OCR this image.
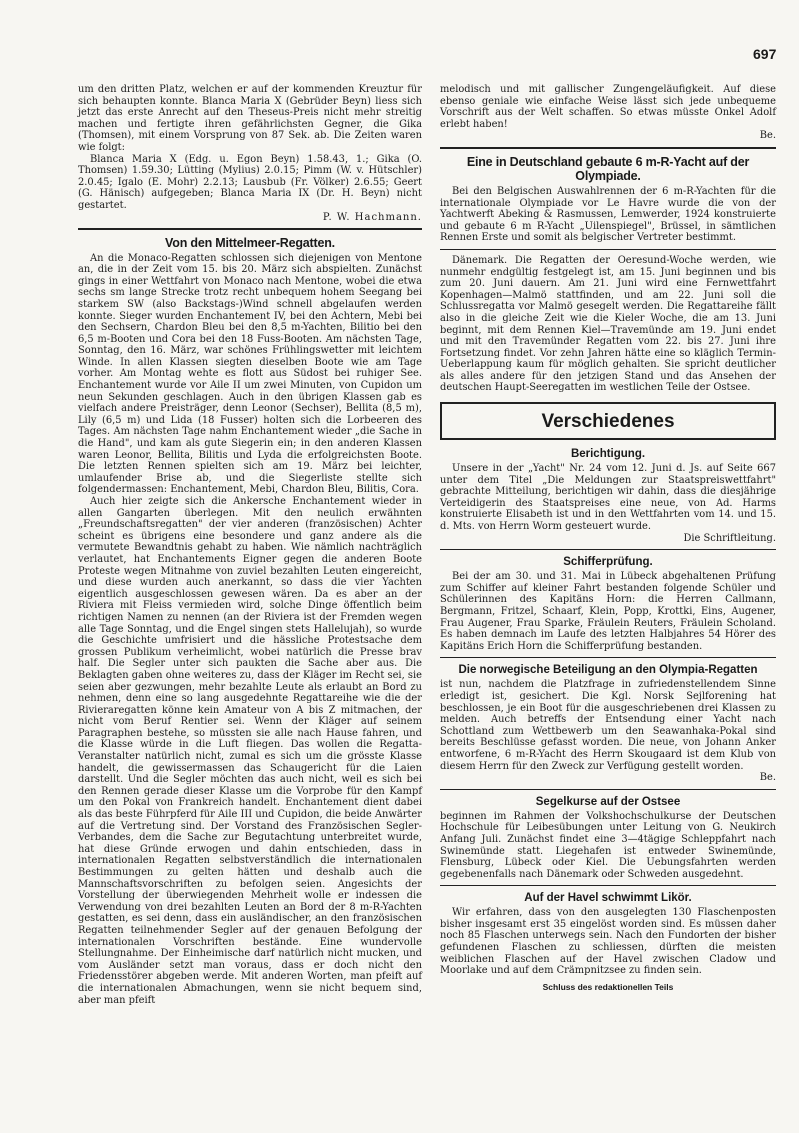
697

um den dritten Platz, welchen er auf der kommenden Kreuztur für sich behaupten konnte. Blanca Maria X (Gebrüder Beyn) liess sich jetzt das erste Anrecht auf den Theseus-Preis nicht mehr streitig machen und fertigte ihren gefährlichsten Gegner, die Gika (Thomsen), mit einem Vorsprung von 87 Sek. ab. Die Zeiten waren wie folgt:

Blanca Maria X (Edg. u. Egon Beyn) 1.58.43, 1.; Gika (O. Thomsen) 1.59.30; Lütting (Mylius) 2.0.15; Pimm (W. v. Hütschler) 2.0.45; Igalo (E. Mohr) 2.2.13; Lausbub (Fr. Völker) 2.6.55; Geert (G. Hänisch) aufgegeben; Blanca Maria IX (Dr. H. Beyn) nicht gestartet.

P. W. Hachmann.
Von den Mittelmeer-Regatten.

An die Monaco-Regatten schlossen sich diejenigen von Mentone an, die in der Zeit vom 15. bis 20. März sich abspielten. Zunächst gings in einer Wettfahrt von Monaco nach Mentone, wobei die etwa sechs sm lange Strecke trotz recht unbequem hohem Seegang bei starkem SW (also Backstags-)Wind schnell abgelaufen werden konnte. Sieger wurden Enchantement IV, bei den Achtern, Mebi bei den Sechsern, Chardon Bleu bei den 8,5 m-Yachten, Bilitio bei den 6,5 m-Booten und Cora bei den 18 Fuss-Booten. Am nächsten Tage, Sonntag, den 16. März, war schönes Frühlingswetter mit leichtem Winde. In allen Klassen siegten dieselben Boote wie am Tage vorher. Am Montag wehte es flott aus Südost bei ruhiger See. Enchantement wurde vor Aile II um zwei Minuten, von Cupidon um neun Sekunden geschlagen. Auch in den übrigen Klassen gab es vielfach andere Preisträger, denn Leonor (Sechser), Bellita (8,5 m), Lily (6,5 m) und Lida (18 Fusser) holten sich die Lorbeeren des Tages. Am nächsten Tage nahm Enchantement wieder „die Sache in die Hand", und kam als gute Siegerin ein; in den anderen Klassen waren Leonor, Bellita, Bilitis und Lyda die erfolgreichsten Boote. Die letzten Rennen spielten sich am 19. März bei leichter, umlaufender Brise ab, und die Siegerliste stellte sich folgendermassen: Enchantement, Mebi, Chardon Bleu, Bilitis, Cora.

Auch hier zeigte sich die Ankersche Enchantement wieder in allen Gangarten überlegen. Mit den neulich erwähnten „Freundschaftsregatten" der vier anderen (französischen) Achter scheint es übrigens eine besondere und ganz andere als die vermutete Bewandtnis gehabt zu haben. Wie nämlich nachträglich verlautet, hat Enchantements Eigner gegen die anderen Boote Proteste wegen Mitnahme von zuviel bezahlten Leuten eingereicht, und diese wurden auch anerkannt, so dass die vier Yachten eigentlich ausgeschlossen gewesen wären. Da es aber an der Riviera mit Fleiss vermieden wird, solche Dinge öffentlich beim richtigen Namen zu nennen (an der Riviera ist der Fremden wegen alle Tage Sonntag, und die Engel singen stets Hallelujah), so wurde die Geschichte umfrisiert und die hässliche Protestsache dem grossen Publikum verheimlicht, wobei natürlich die Presse brav half. Die Segler unter sich paukten die Sache aber aus. Die Beklagten gaben ohne weiteres zu, dass der Kläger im Recht sei, sie seien aber gezwungen, mehr bezahlte Leute als erlaubt an Bord zu nehmen, denn eine so lang ausgedehnte Regattareihe wie die der Rivieraregatten könne kein Amateur von A bis Z mitmachen, der nicht vom Beruf Rentier sei. Wenn der Kläger auf seinem Paragraphen bestehe, so müssten sie alle nach Hause fahren, und die Klasse würde in die Luft fliegen. Das wollen die Regatta-Veranstalter natürlich nicht, zumal es sich um die grösste Klasse handelt, die gewissermassen das Schaugericht für die Laien darstellt. Und die Segler möchten das auch nicht, weil es sich bei den Rennen gerade dieser Klasse um die Vorprobe für den Kampf um den Pokal von Frankreich handelt. Enchantement dient dabei als das beste Führpferd für Aile III und Cupidon, die beide Anwärter auf die Vertretung sind. Der Vorstand des Französischen Segler-Verbandes, dem die Sache zur Begutachtung unterbreitet wurde, hat diese Gründe erwogen und dahin entschieden, dass in internationalen Regatten selbstverständlich die internationalen Bestimmungen zu gelten hätten und deshalb auch die Mannschaftsvorschriften zu befolgen seien. Angesichts der Vorstellung der überwiegenden Mehrheit wolle er indessen die Verwendung von drei bezahlten Leuten an Bord der 8 m-R-Yachten gestatten, es sei denn, dass ein ausländischer, an den französischen Regatten teilnehmender Segler auf der genauen Befolgung der internationalen Vorschriften bestände. Eine wundervolle Stellungnahme. Der Einheimische darf natürlich nicht mucken, und vom Ausländer setzt man voraus, dass er doch nicht den Friedensstörer abgeben werde. Mit anderen Worten, man pfeift auf die internationalen Abmachungen, wenn sie nicht bequem sind, aber man pfeift

melodisch und mit gallischer Zungengeläufigkeit. Auf diese ebenso geniale wie einfache Weise lässt sich jede unbequeme Vorschrift aus der Welt schaffen. So etwas müsste Onkel Adolf erlebt haben!

Be.
Eine in Deutschland gebaute 6 m-R-Yacht auf der Olympiade.

Bei den Belgischen Auswahlrennen der 6 m-R-Yachten für die internationale Olympiade vor Le Havre wurde die von der Yachtwerft Abeking & Rasmussen, Lemwerder, 1924 konstruierte und gebaute 6 m R-Yacht „Uilenspiegel", Brüssel, in sämtlichen Rennen Erste und somit als belgischer Vertreter bestimmt.

Dänemark. Die Regatten der Oeresund-Woche werden, wie nunmehr endgültig festgelegt ist, am 15. Juni beginnen und bis zum 20. Juni dauern. Am 21. Juni wird eine Fernwettfahrt Kopenhagen—Malmö stattfinden, und am 22. Juni soll die Schlussregatta vor Malmö gesegelt werden. Die Regattareihe fällt also in die gleiche Zeit wie die Kieler Woche, die am 13. Juni beginnt, mit dem Rennen Kiel—Travemünde am 19. Juni endet und mit den Travemünder Regatten vom 22. bis 27. Juni ihre Fortsetzung findet. Vor zehn Jahren hätte eine so kläglich Termin-Ueberlappung kaum für möglich gehalten. Sie spricht deutlicher als alles andere für den jetzigen Stand und das Ansehen der deutschen Haupt-Seeregatten im westlichen Teile der Ostsee.

Verschiedenes
Berichtigung.

Unsere in der „Yacht" Nr. 24 vom 12. Juni d. Js. auf Seite 667 unter dem Titel „Die Meldungen zur Staatspreiswettfahrt" gebrachte Mitteilung, berichtigen wir dahin, dass die diesjährige Verteidigerin des Staatspreises eine neue, von Ad. Harms konstruierte Elisabeth ist und in den Wettfahrten vom 14. und 15. d. Mts. von Herrn Worm gesteuert wurde.

Die Schriftleitung.
Schifferprüfung.

Bei der am 30. und 31. Mai in Lübeck abgehaltenen Prüfung zum Schiffer auf kleiner Fahrt bestanden folgende Schüler und Schülerinnen des Kapitäns Horn: die Herren Callmann, Bergmann, Fritzel, Schaarf, Klein, Popp, Krottki, Eins, Augener, Frau Augener, Frau Sparke, Fräulein Reuters, Fräulein Scholand. Es haben demnach im Laufe des letzten Halbjahres 54 Hörer des Kapitäns Erich Horn die Schifferprüfung bestanden.

Die norwegische Beteiligung an den Olympia-Regatten

ist nun, nachdem die Platzfrage in zufriedenstellendem Sinne erledigt ist, gesichert. Die Kgl. Norsk Sejlforening hat beschlossen, je ein Boot für die ausgeschriebenen drei Klassen zu melden. Auch betreffs der Entsendung einer Yacht nach Schottland zum Wettbewerb um den Seawanhaka-Pokal sind bereits Beschlüsse gefasst worden. Die neue, von Johann Anker entworfene, 6 m-R-Yacht des Herrn Skougaard ist dem Klub von diesem Herrn für den Zweck zur Verfügung gestellt worden.

Be.
Segelkurse auf der Ostsee

beginnen im Rahmen der Volkshochschulkurse der Deutschen Hochschule für Leibesübungen unter Leitung von G. Neukirch Anfang Juli. Zunächst findet eine 3—4tägige Schleppfahrt nach Swinemünde statt. Liegehafen ist entweder Swinemünde, Flensburg, Lübeck oder Kiel. Die Uebungsfahrten werden gegebenenfalls nach Dänemark oder Schweden ausgedehnt.

Auf der Havel schwimmt Likör.

Wir erfahren, dass von den ausgelegten 130 Flaschenposten bisher insgesamt erst 35 eingelöst worden sind. Es müssen daher noch 85 Flaschen unterwegs sein. Nach den Fundorten der bisher gefundenen Flaschen zu schliessen, dürften die meisten weiblichen Flaschen auf der Havel zwischen Cladow und Moorlake und auf dem Crämpnitzsee zu finden sein.

Schluss des redaktionellen Teils
